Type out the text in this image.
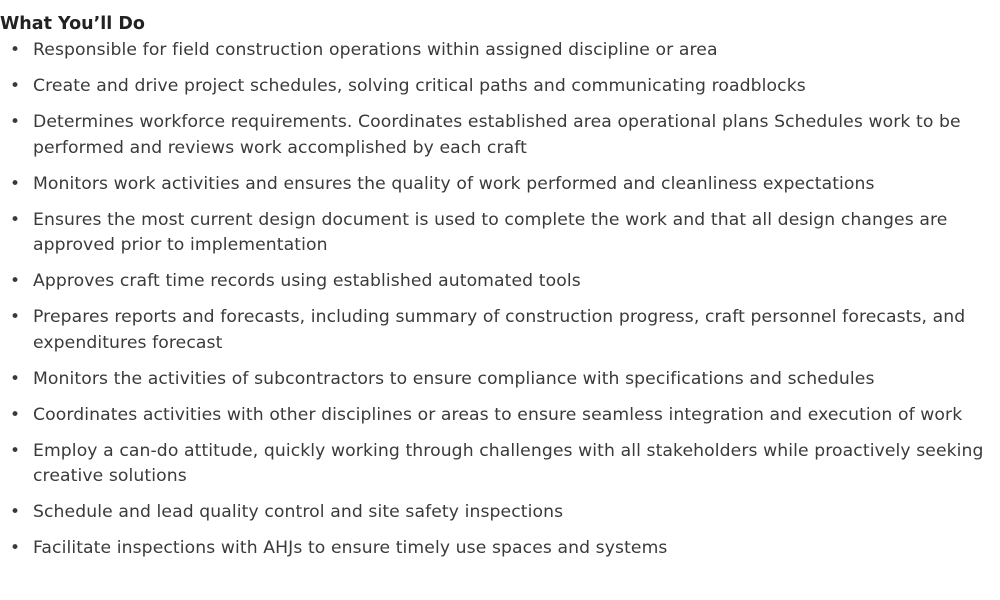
What You’ll Do
• Responsible for field construction operations within assigned discipline or area
• Create and drive project schedules, solving critical paths and communicating roadblocks
• Determines workforce requirements. Coordinates established area operational plans Schedules work to be performed and reviews work accomplished by each craft
• Monitors work activities and ensures the quality of work performed and cleanliness expectations
• Ensures the most current design document is used to complete the work and that all design changes are approved prior to implementation
• Approves craft time records using established automated tools
• Prepares reports and forecasts, including summary of construction progress, craft personnel forecasts, and expenditures forecast
• Monitors the activities of subcontractors to ensure compliance with specifications and schedules
• Coordinates activities with other disciplines or areas to ensure seamless integration and execution of work
• Employ a can-do attitude, quickly working through challenges with all stakeholders while proactively seeking creative solutions
• Schedule and lead quality control and site safety inspections
• Facilitate inspections with AHJs to ensure timely use spaces and systems
